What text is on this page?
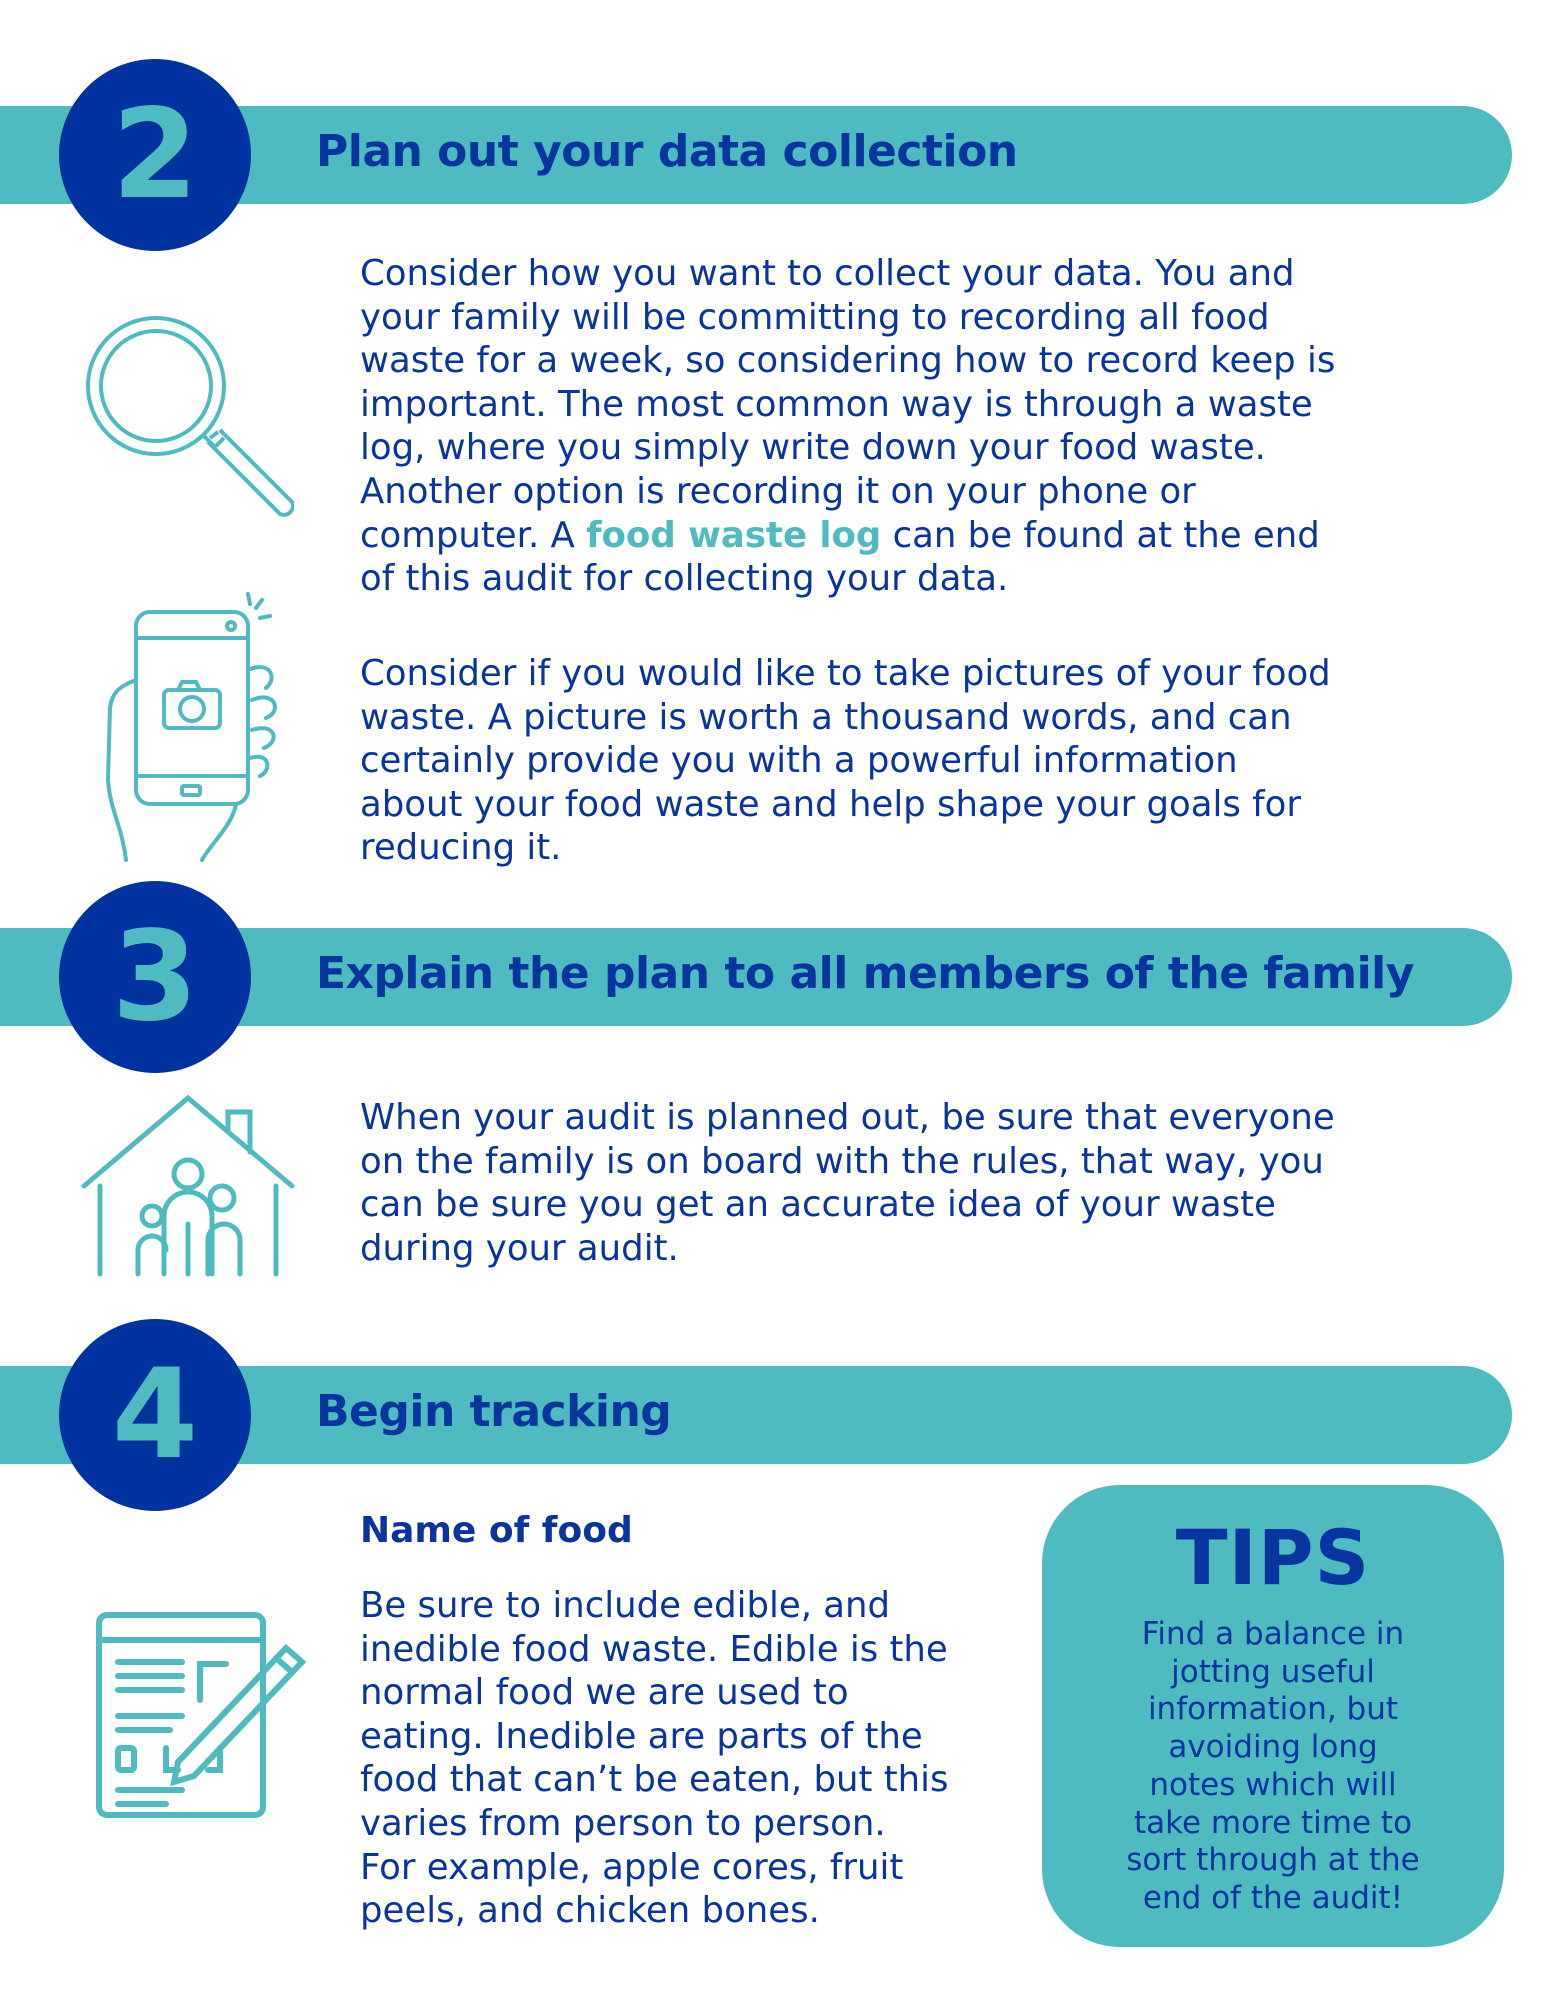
2	Plan out your data collection
Consider how you want to collect your data. You and
your family will be committing to recording all food
waste for a week, so considering how to record keep is
important. The most common way is through a waste
log, where you simply write down your food waste.
Another option is recording it on your phone or
computer. A food waste log can be found at the end
of this audit for collecting your data.
Consider if you would like to take pictures of your food
waste. A picture is worth a thousand words, and can
certainly provide you with a powerful information
about your food waste and help shape your goals for
reducing it.
3	Explain the plan to all members of the family
When your audit is planned out, be sure that everyone
on the family is on board with the rules, that way, you
can be sure you get an accurate idea of your waste
during your audit.
4	Begin tracking
Name of food
Be sure to include edible, and
inedible food waste. Edible is the
normal food we are used to
eating. Inedible are parts of the
food that can’t be eaten, but this
varies from person to person.
For example, apple cores, fruit
peels, and chicken bones.
TIPS
Find a balance in
jotting useful
information, but
avoiding long
notes which will
take more time to
sort through at the
end of the audit!
